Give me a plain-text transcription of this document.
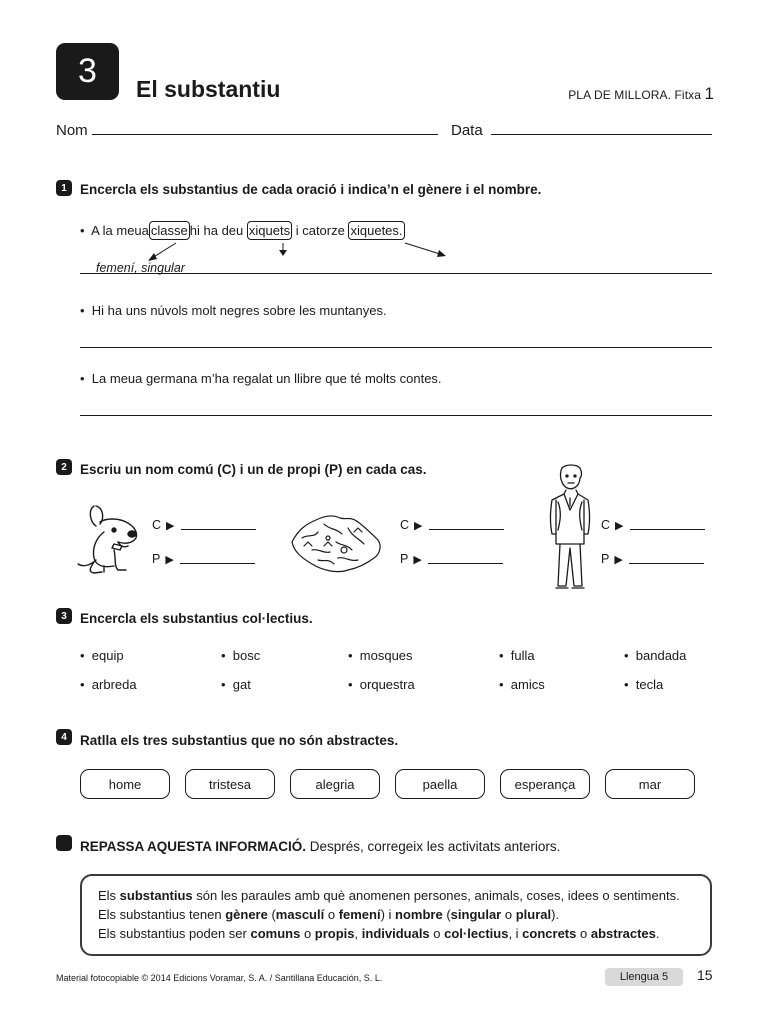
3 El substantiu	PLA DE MILLORA. Fitxa 1
Nom	Data
1 Encercla els substantius de cada oració i indica’n el gènere i el nombre.
• A la meua classe hi ha deu xiquets i catorze xiquetes.
femení, singular
• Hi ha uns núvols molt negres sobre les muntanyes.
• La meua germana m’ha regalat un llibre que té molts contes.
2 Escriu un nom comú (C) i un de propi (P) en cada cas.
C ▶
P ▶
C ▶
P ▶
C ▶
P ▶
3 Encercla els substantius col·lectius.
•  equip	•  bosc	•  mosques	•  fulla	•  bandada
•  arbreda	•  gat	•  orquestra	•  amics	•  tecla
4 Ratlla els tres substantius que no són abstractes.
home	tristesa	alegria	paella	esperança	mar
REPASSA AQUESTA INFORMACIÓ. Després, corregeix les activitats anteriors.
Els substantius són les paraules amb què anomenen persones, animals, coses, idees o sentiments. Els substantius tenen gènere (masculí o femení) i nombre (singular o plural).
Els substantius poden ser comuns o propis, individuals o col·lectius, i concrets o abstractes.
Material fotocopiable © 2014 Edicions Voramar, S. A. / Santillana Educación, S. L.	Llengua 5	15
